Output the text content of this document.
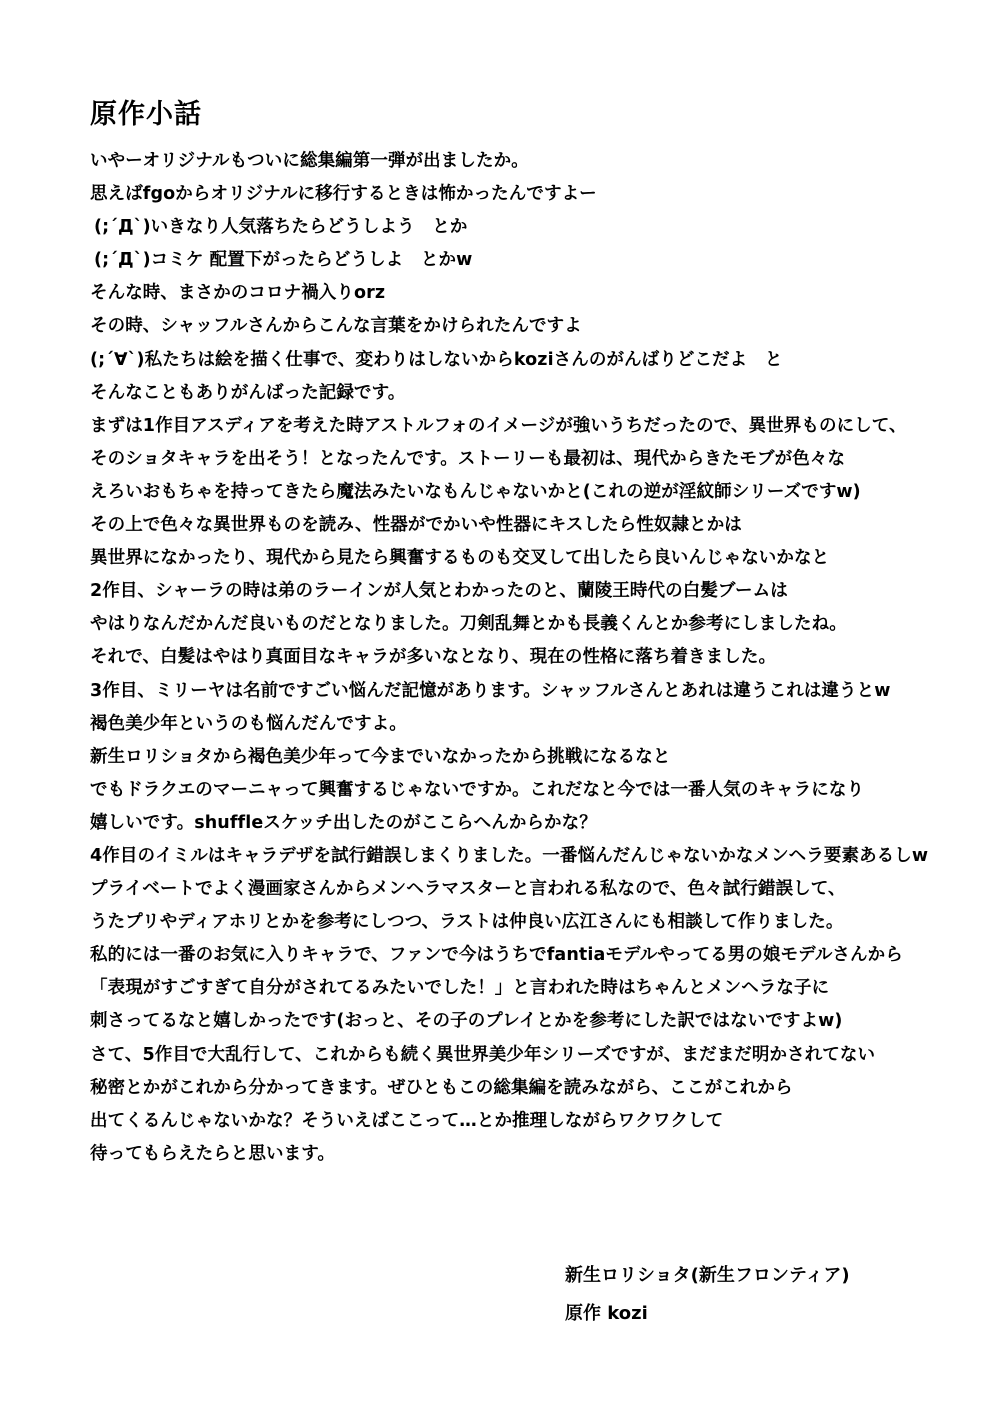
原作小話
いやーオリジナルもついに総集編第一弾が出ましたか。
思えばfgoからオリジナルに移行するときは怖かったんですよー
(;´Д`)いきなり人気落ちたらどうしよう　とか
(;´Д`)コミケ 配置下がったらどうしよ　とかw
そんな時、まさかのコロナ禍入りorz
その時、シャッフルさんからこんな言葉をかけられたんですよ
(;´∀`)私たちは絵を描く仕事で、変わりはしないからkoziさんのがんばりどこだよ　と
そんなこともありがんばった記録です。
まずは1作目アスディアを考えた時アストルフォのイメージが強いうちだったので、異世界ものにして、
そのショタキャラを出そう！となったんです。ストーリーも最初は、現代からきたモブが色々な
えろいおもちゃを持ってきたら魔法みたいなもんじゃないかと(これの逆が淫紋師シリーズですw)
その上で色々な異世界ものを読み、性器がでかいや性器にキスしたら性奴隷とかは
異世界になかったり、現代から見たら興奮するものも交叉して出したら良いんじゃないかなと
2作目、シャーラの時は弟のラーインが人気とわかったのと、蘭陵王時代の白髪ブームは
やはりなんだかんだ良いものだとなりました。刀剣乱舞とかも長義くんとか参考にしましたね。
それで、白髪はやはり真面目なキャラが多いなとなり、現在の性格に落ち着きました。
3作目、ミリーヤは名前ですごい悩んだ記憶があります。シャッフルさんとあれは違うこれは違うとw
褐色美少年というのも悩んだんですよ。
新生ロリショタから褐色美少年って今までいなかったから挑戦になるなと
でもドラクエのマーニャって興奮するじゃないですか。これだなと今では一番人気のキャラになり
嬉しいです。shuffleスケッチ出したのがここらへんからかな？
4作目のイミルはキャラデザを試行錯誤しまくりました。一番悩んだんじゃないかなメンヘラ要素あるしw
プライベートでよく漫画家さんからメンヘラマスターと言われる私なので、色々試行錯誤して、
うたプリやディアホリとかを参考にしつつ、ラストは仲良い広江さんにも相談して作りました。
私的には一番のお気に入りキャラで、ファンで今はうちでfantiaモデルやってる男の娘モデルさんから
「表現がすごすぎて自分がされてるみたいでした！」と言われた時はちゃんとメンヘラな子に
刺さってるなと嬉しかったです(おっと、その子のプレイとかを参考にした訳ではないですよw)
さて、5作目で大乱行して、これからも続く異世界美少年シリーズですが、まだまだ明かされてない
秘密とかがこれから分かってきます。ぜひともこの総集編を読みながら、ここがこれから
出てくるんじゃないかな？そういえばここって…とか推理しながらワクワクして
待ってもらえたらと思います。
新生ロリショタ(新生フロンティア)
原作 kozi
